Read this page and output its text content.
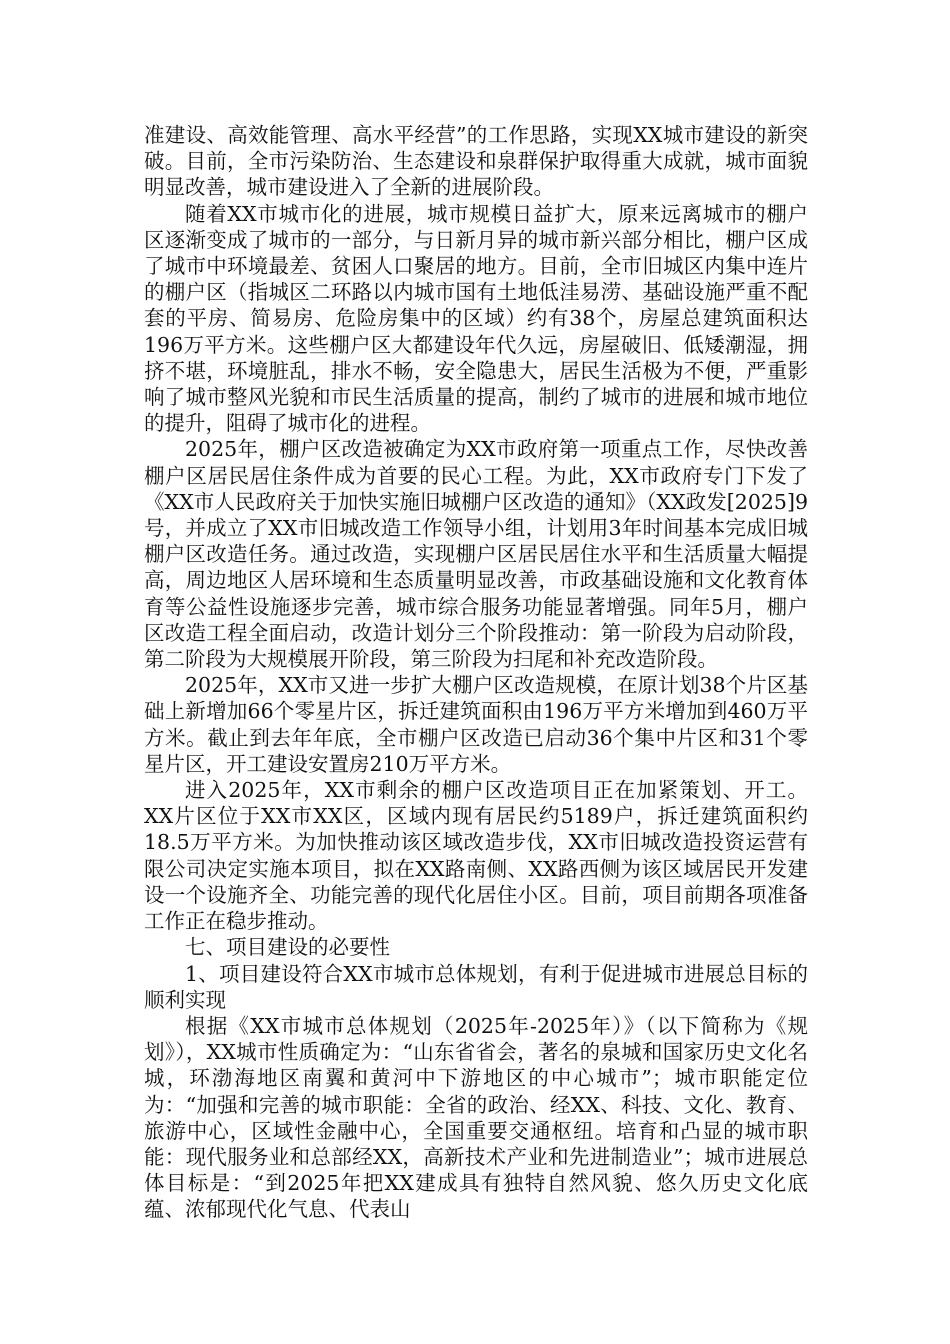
准建设、高效能管理、高水平经营”的工作思路，实现XX城市建设的新突破。目前，全市污染防治、生态建设和泉群保护取得重大成就，城市面貌明显改善，城市建设进入了全新的进展阶段。

随着XX市城市化的进展，城市规模日益扩大，原来远离城市的棚户区逐渐变成了城市的一部分，与日新月异的城市新兴部分相比，棚户区成了城市中环境最差、贫困人口聚居的地方。目前，全市旧城区内集中连片的棚户区（指城区二环路以内城市国有土地低洼易涝、基础设施严重不配套的平房、简易房、危险房集中的区域）约有38个，房屋总建筑面积达196万平方米。这些棚户区大都建设年代久远，房屋破旧、低矮潮湿，拥挤不堪，环境脏乱，排水不畅，安全隐患大，居民生活极为不便，严重影响了城市整风光貌和市民生活质量的提高，制约了城市的进展和城市地位的提升，阻碍了城市化的进程。

2025年，棚户区改造被确定为XX市政府第一项重点工作，尽快改善棚户区居民居住条件成为首要的民心工程。为此，XX市政府专门下发了《XX市人民政府关于加快实施旧城棚户区改造的通知》（XX政发[2025]9号，并成立了XX市旧城改造工作领导小组，计划用3年时间基本完成旧城棚户区改造任务。通过改造，实现棚户区居民居住水平和生活质量大幅提高，周边地区人居环境和生态质量明显改善，市政基础设施和文化教育体育等公益性设施逐步完善，城市综合服务功能显著增强。同年5月，棚户区改造工程全面启动，改造计划分三个阶段推动：第一阶段为启动阶段，第二阶段为大规模展开阶段，第三阶段为扫尾和补充改造阶段。

2025年，XX市又进一步扩大棚户区改造规模，在原计划38个片区基础上新增加66个零星片区，拆迁建筑面积由196万平方米增加到460万平方米。截止到去年年底，全市棚户区改造已启动36个集中片区和31个零星片区，开工建设安置房210万平方米。

进入2025年，XX市剩余的棚户区改造项目正在加紧策划、开工。XX片区位于XX市XX区，区域内现有居民约5189户，拆迁建筑面积约18.5万平方米。为加快推动该区域改造步伐，XX市旧城改造投资运营有限公司决定实施本项目，拟在XX路南侧、XX路西侧为该区域居民开发建设一个设施齐全、功能完善的现代化居住小区。目前，项目前期各项准备工作正在稳步推动。

七、项目建设的必要性

1、项目建设符合XX市城市总体规划，有利于促进城市进展总目标的顺利实现

根据《XX市城市总体规划（2025年-2025年）》（以下简称为《规划》），XX城市性质确定为：“山东省省会，著名的泉城和国家历史文化名城，环渤海地区南翼和黄河中下游地区的中心城市”；城市职能定位为：“加强和完善的城市职能：全省的政治、经XX、科技、文化、教育、旅游中心，区域性金融中心，全国重要交通枢纽。培育和凸显的城市职能：现代服务业和总部经XX，高新技术产业和先进制造业”；城市进展总体目标是：“到2025年把XX建成具有独特自然风貌、悠久历史文化底蕴、浓郁现代化气息、代表山
